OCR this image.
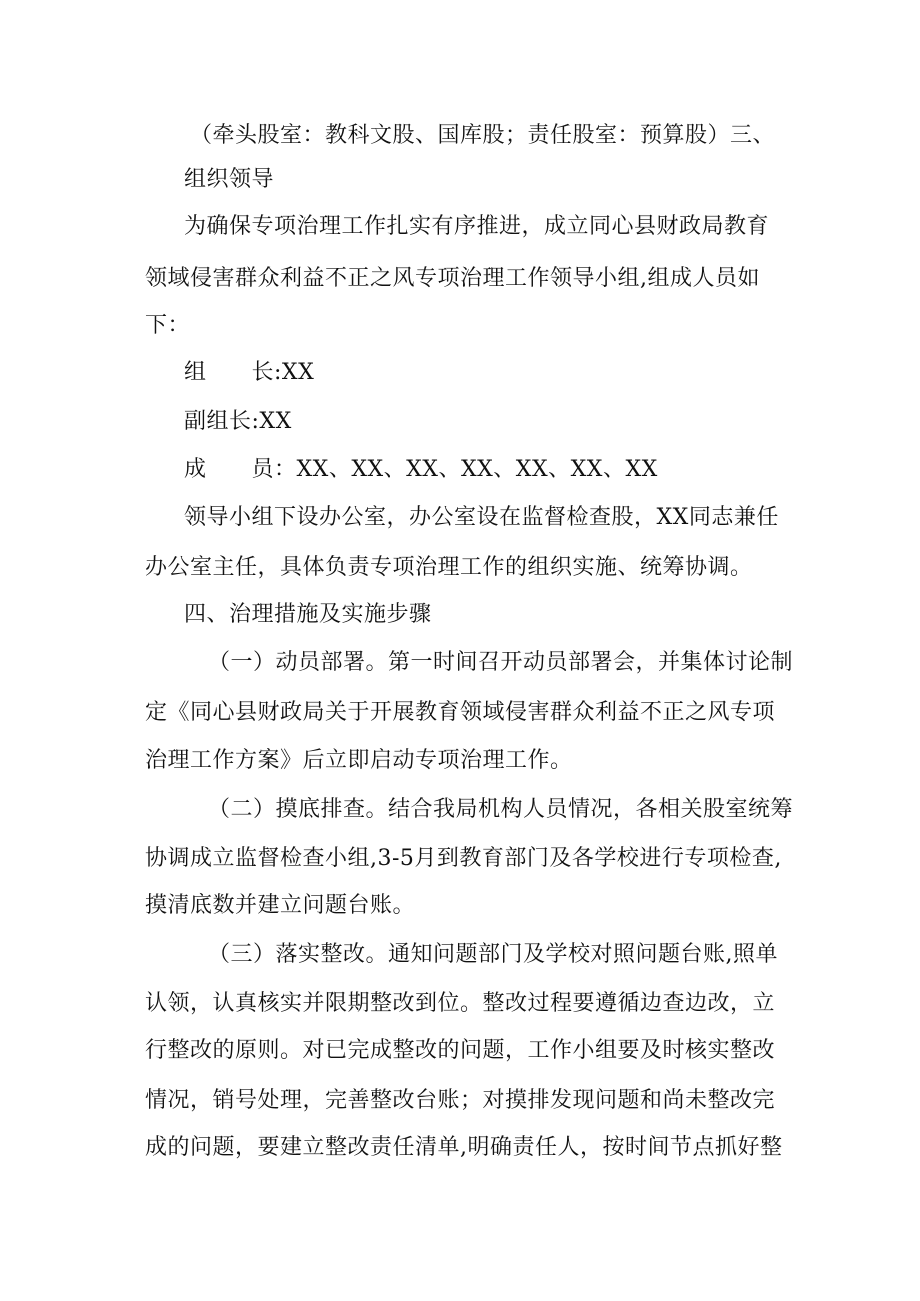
（牵头股室：教科文股、国库股；责任股室：预算股）三、
组织领导
为确保专项治理工作扎实有序推进，成立同心县财政局教育
领域侵害群众利益不正之风专项治理工作领导小组,组成人员如
下：
组　　长:XX
副组长:XX
成　　员：XX、XX、XX、XX、XX、XX、XX
领导小组下设办公室，办公室设在监督检查股，XX同志兼任
办公室主任，具体负责专项治理工作的组织实施、统筹协调。
四、治理措施及实施步骤
（一）动员部署。第一时间召开动员部署会，并集体讨论制
定《同心县财政局关于开展教育领域侵害群众利益不正之风专项
治理工作方案》后立即启动专项治理工作。
（二）摸底排查。结合我局机构人员情况，各相关股室统筹
协调成立监督检查小组,3-5月到教育部门及各学校进行专项检查,
摸清底数并建立问题台账。
（三）落实整改。通知问题部门及学校对照问题台账,照单
认领，认真核实并限期整改到位。整改过程要遵循边查边改，立
行整改的原则。对已完成整改的问题，工作小组要及时核实整改
情况，销号处理，完善整改台账；对摸排发现问题和尚未整改完
成的问题，要建立整改责任清单,明确责任人，按时间节点抓好整
